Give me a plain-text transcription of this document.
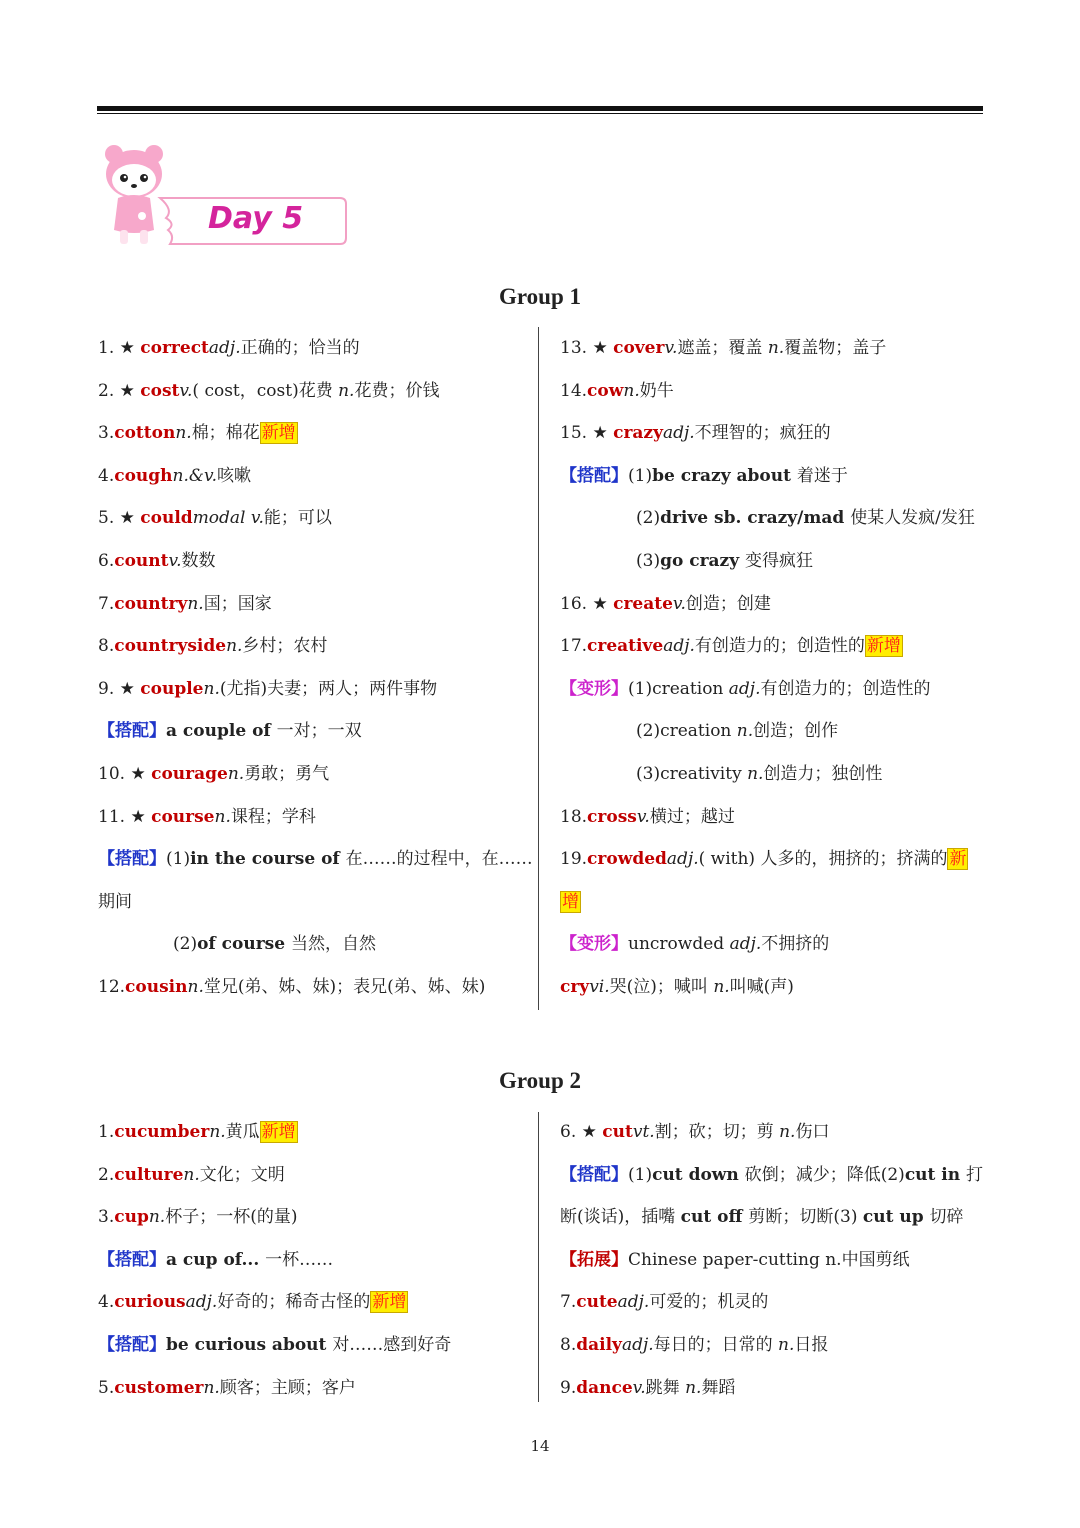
Day 5
Group 1
1. ★ correctadj.正确的；恰当的
2. ★ costv.( cost，cost)花费 n.花费；价钱
3.cottonn.棉；棉花 新增
4.coughn.&v.咳嗽
5. ★ couldmodal v.能；可以
6.countv.数数
7.countryn.国；国家
8.countrysiden.乡村；农村
9. ★ couplen.(尤指)夫妻；两人；两件事物
【搭配】a couple of 一对；一双
10. ★ couragen.勇敢；勇气
11. ★ coursen.课程；学科
【搭配】(1)in the course of 在……的过程中，在……
期间
(2)of course 当然，自然
12.cousinn.堂兄(弟、姊、妹)；表兄(弟、姊、妹)
13. ★ coverv.遮盖；覆盖 n.覆盖物；盖子
14.cown.奶牛
15. ★ crazyadj.不理智的；疯狂的
【搭配】(1)be crazy about 着迷于
(2)drive sb. crazy/mad 使某人发疯/发狂
(3)go crazy 变得疯狂
16. ★ createv.创造；创建
17.creativeadj.有创造力的；创造性的 新增
【变形】(1)creation adj.有创造力的；创造性的
(2)creation n.创造；创作
(3)creativity n.创造力；独创性
18.crossv.横过；越过
19.crowdedadj.( with) 人多的，拥挤的；挤满的 新
增
【变形】uncrowded adj.不拥挤的
cryvi.哭(泣)；喊叫 n.叫喊(声)
Group 2
1.cucumbern.黄瓜 新增
2.culturen.文化；文明
3.cupn.杯子；一杯(的量)
【搭配】a cup of... 一杯……
4.curiousadj.好奇的；稀奇古怪的 新增
【搭配】be curious about 对……感到好奇
5.customern.顾客；主顾；客户
6. ★ cutvt.割；砍；切；剪 n.伤口
【搭配】(1)cut down 砍倒；减少；降低(2)cut in 打
断(谈话)，插嘴 cut off 剪断；切断(3) cut up 切碎
【拓展】Chinese paper-cutting n.中国剪纸
7.cuteadj.可爱的；机灵的
8.dailyadj.每日的；日常的 n.日报
9.dancev.跳舞 n.舞蹈
14
